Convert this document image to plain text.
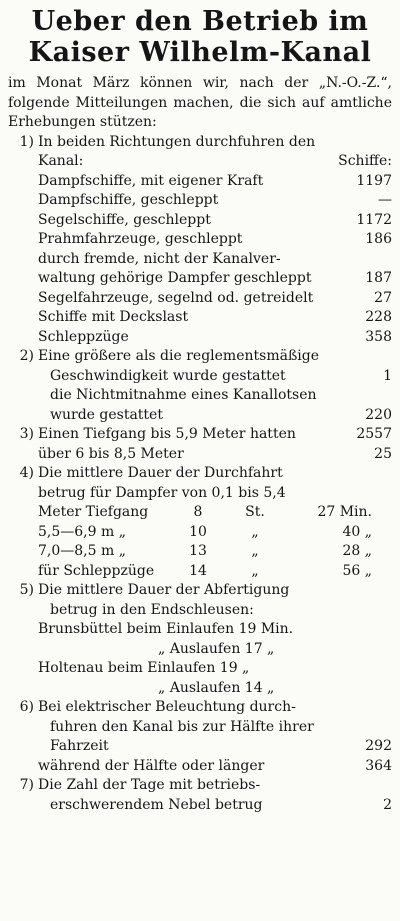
Ueber den Betrieb im
Kaiser Wilhelm-Kanal
im Monat März können wir, nach der „N.-O.-Z.“, folgende Mitteilungen machen, die sich auf amtliche Erhebungen stützen:
1) In beiden Richtungen durchfuhren den
Kanal:	Schiffe:
Dampfschiffe, mit eigener Kraft	1197
Dampfschiffe, geschleppt	—
Segelschiffe, geschleppt	1172
Prahmfahrzeuge, geschleppt	186
durch fremde, nicht der Kanalver-
waltung gehörige Dampfer geschleppt	187
Segelfahrzeuge, segelnd od. getreidelt	27
Schiffe mit Deckslast	228
Schleppzüge	358
2) Eine größere als die reglementsmäßige
Geschwindigkeit wurde gestattet	1
die Nichtmitnahme eines Kanallotsen
wurde gestattet	220
3) Einen Tiefgang bis 5,9 Meter hatten	2557
über 6 bis 8,5 Meter	25
4) Die mittlere Dauer der Durchfahrt
betrug für Dampfer von 0,1 bis 5,4
Meter Tiefgang	8	St.	27 Min.
5,5—6,9 m „	10	„	40 „
7,0—8,5 m „	13	„	28 „
für Schleppzüge	14	„	56 „
5) Die mittlere Dauer der Abfertigung
betrug in den Endschleusen:
Brunsbüttel beim Einlaufen 19 Min.
„ Auslaufen 17 „
Holtenau beim Einlaufen 19 „
„ Auslaufen 14 „
6) Bei elektrischer Beleuchtung durch-
fuhren den Kanal bis zur Hälfte ihrer
Fahrzeit	292
während der Hälfte oder länger	364
7) Die Zahl der Tage mit betriebs-
erschwerendem Nebel betrug	2
